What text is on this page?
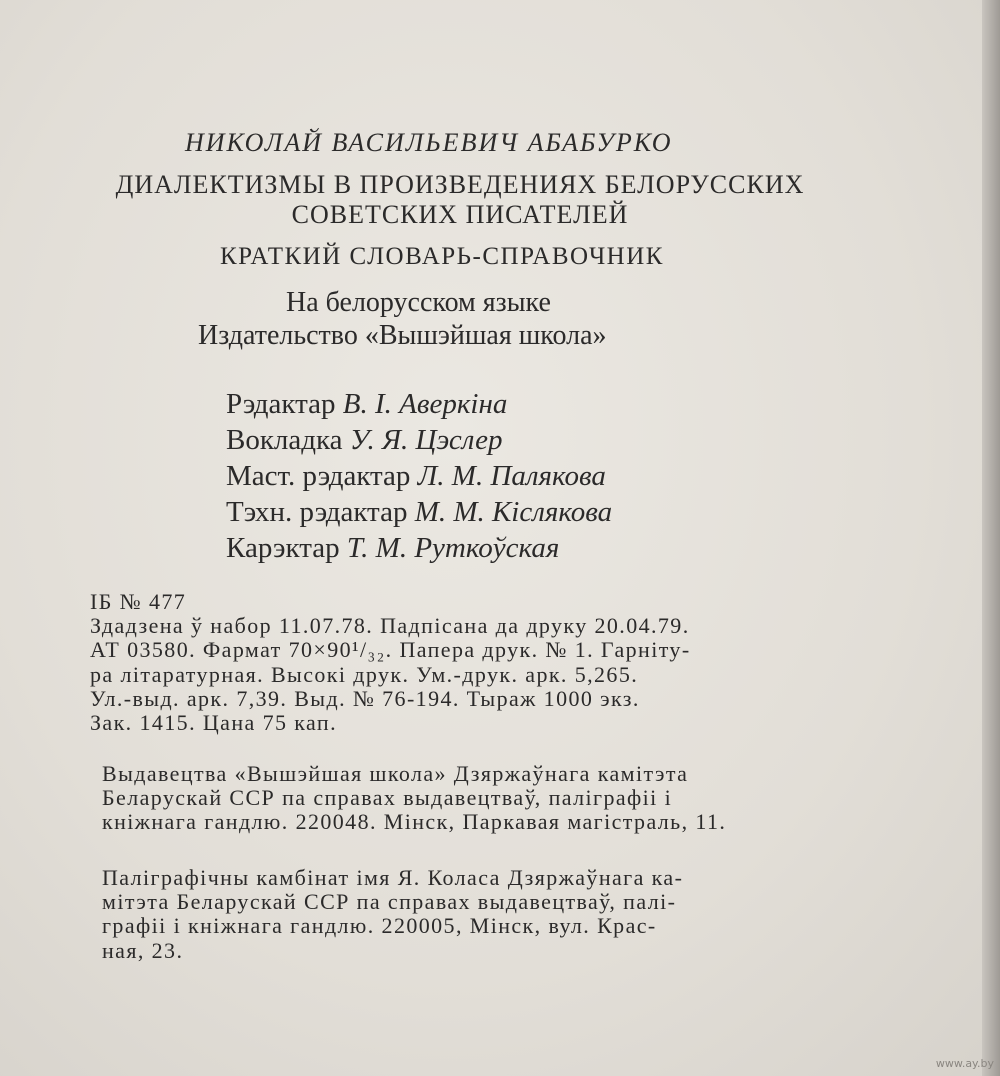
НИКОЛАЙ ВАСИЛЬЕВИЧ АБАБУРКО
ДИАЛЕКТИЗМЫ В ПРОИЗВЕДЕНИЯХ БЕЛОРУССКИХ
СОВЕТСКИХ ПИСАТЕЛЕЙ
КРАТКИЙ СЛОВАРЬ-СПРАВОЧНИК
На белорусском языке
Издательство «Вышэйшая школа»
Рэдактар В. І. Аверкіна
Вокладка У. Я. Цэслер
Маст. рэдактар Л. М. Палякова
Тэхн. рэдактар М. М. Кіслякова
Карэктар Т. М. Руткоўская
ІБ № 477
Здадзена ў набор 11.07.78. Падпісана да друку 20.04.79.
АТ 03580. Фармат 70×90¹/₃₂. Папера друк. № 1. Гарніту-
ра літаратурная. Высокі друк. Ум.-друк. арк. 5,265.
Ул.-выд. арк. 7,39. Выд. № 76-194. Тыраж 1000 экз.
Зак. 1415. Цана 75 кап.
Выдавецтва «Вышэйшая школа» Дзяржаўнага камітэта
Беларускай ССР па справах выдавецтваў, паліграфіі і
кніжнага гандлю. 220048. Мінск, Паркавая магістраль, 11.
Паліграфічны камбінат імя Я. Коласа Дзяржаўнага ка-
мітэта Беларускай ССР па справах выдавецтваў, палі-
графіі і кніжнага гандлю. 220005, Мінск, вул. Крас-
ная, 23.
www.ay.by
